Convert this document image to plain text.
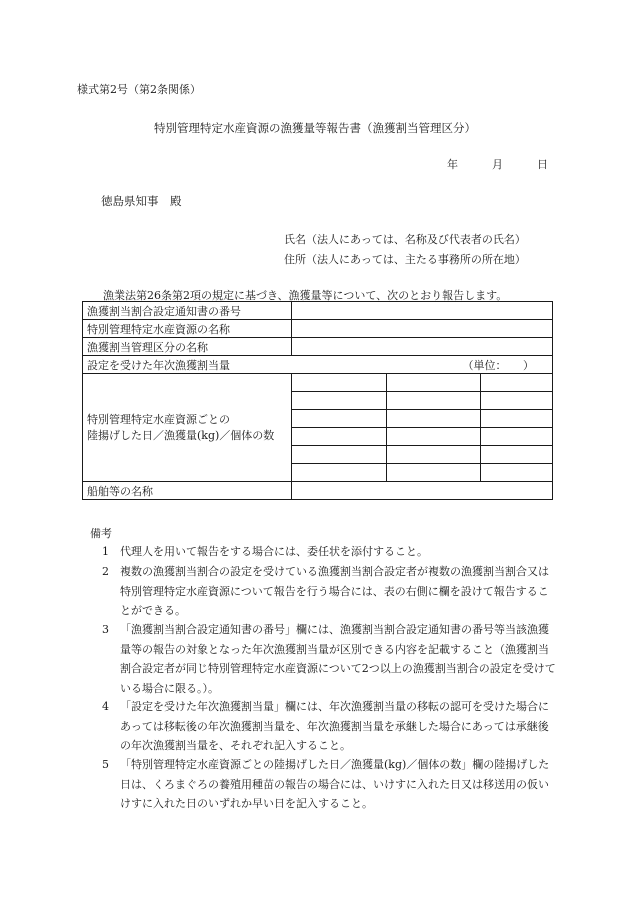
様式第2号（第2条関係）
特別管理特定水産資源の漁獲量等報告書（漁獲割当管理区分）
年	月	日
徳島県知事　殿
氏名（法人にあっては、名称及び代表者の氏名）
住所（法人にあっては、主たる事務所の所在地）
漁業法第26条第2項の規定に基づき、漁獲量等について、次のとおり報告します。
漁獲割当割合設定通知書の番号			
特別管理特定水産資源の名称			
漁獲割当管理区分の名称			
設定を受けた年次漁獲割当量 （単位：　　）			

特別管理特定水産資源ごとの
陸揚げした日／漁獲量(kg)／個体の数			

船舶等の名称			
備考
1 代理人を用いて報告をする場合には、委任状を添付すること。
2 複数の漁獲割当割合の設定を受けている漁獲割当割合設定者が複数の漁獲割当割合又は特別管理特定水産資源について報告を行う場合には、表の右側に欄を設けて報告することができる。
3 「漁獲割当割合設定通知書の番号」欄には、漁獲割当割合設定通知書の番号等当該漁獲量等の報告の対象となった年次漁獲割当量が区別できる内容を記載すること（漁獲割当割合設定者が同じ特別管理特定水産資源について2つ以上の漁獲割当割合の設定を受けている場合に限る。）。
4 「設定を受けた年次漁獲割当量」欄には、年次漁獲割当量の移転の認可を受けた場合にあっては移転後の年次漁獲割当量を、年次漁獲割当量を承継した場合にあっては承継後の年次漁獲割当量を、それぞれ記入すること。
5 「特別管理特定水産資源ごとの陸揚げした日／漁獲量(kg)／個体の数」欄の陸揚げした日は、くろまぐろの養殖用種苗の報告の場合には、いけすに入れた日又は移送用の仮いけすに入れた日のいずれか早い日を記入すること。
